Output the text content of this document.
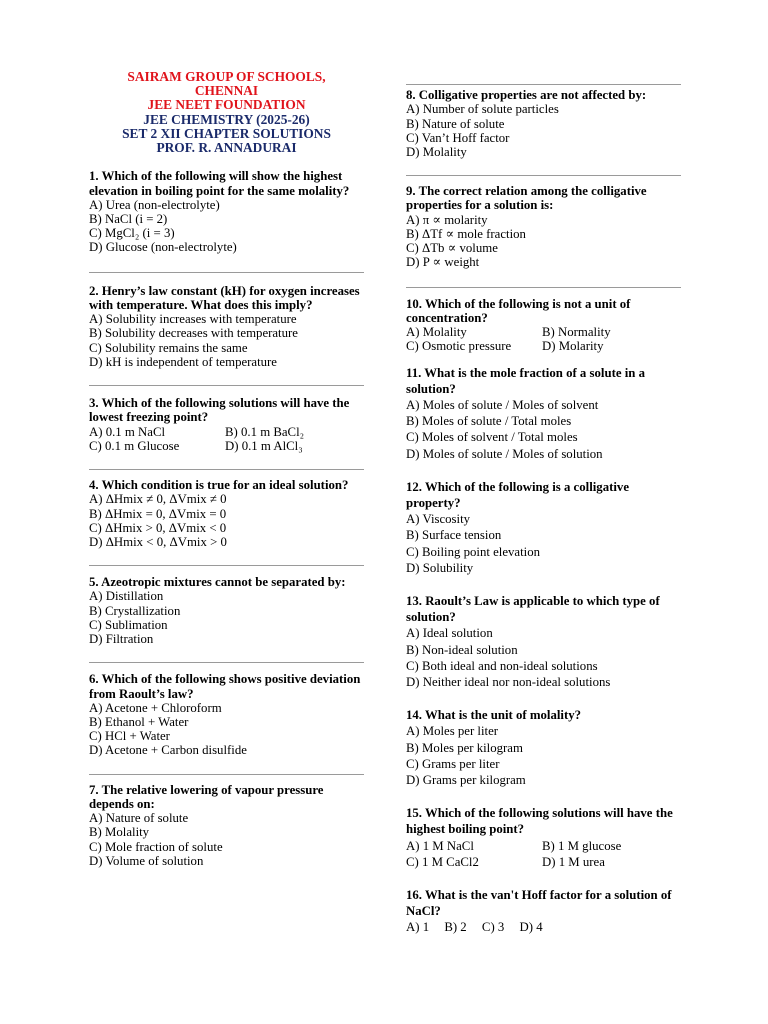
SAIRAM GROUP OF SCHOOLS,
CHENNAI
JEE NEET FOUNDATION
JEE CHEMISTRY (2025-26)
SET 2 XII CHAPTER SOLUTIONS
PROF. R. ANNADURAI
1. Which of the following will show the highest elevation in boiling point for the same molality?
A) Urea (non-electrolyte)
B) NaCl (i = 2)
C) MgCl₂ (i = 3)
D) Glucose (non-electrolyte)
2. Henry’s law constant (kH) for oxygen increases with temperature. What does this imply?
A) Solubility increases with temperature
B) Solubility decreases with temperature
C) Solubility remains the same
D) kH is independent of temperature
3. Which of the following solutions will have the lowest freezing point?
A) 0.1 m NaCl	B) 0.1 m BaCl₂
C) 0.1 m Glucose	D) 0.1 m AlCl₃
4. Which condition is true for an ideal solution?
A) ΔHmix ≠ 0, ΔVmix ≠ 0
B) ΔHmix = 0, ΔVmix = 0
C) ΔHmix > 0, ΔVmix < 0
D) ΔHmix < 0, ΔVmix > 0
5. Azeotropic mixtures cannot be separated by:
A) Distillation
B) Crystallization
C) Sublimation
D) Filtration
6. Which of the following shows positive deviation from Raoult’s law?
A) Acetone + Chloroform
B) Ethanol + Water
C) HCl + Water
D) Acetone + Carbon disulfide
7. The relative lowering of vapour pressure depends on:
A) Nature of solute
B) Molality
C) Mole fraction of solute
D) Volume of solution
8. Colligative properties are not affected by:
A) Number of solute particles
B) Nature of solute
C) Van’t Hoff factor
D) Molality
9. The correct relation among the colligative properties for a solution is:
A) π ∝ molarity
B) ΔTf ∝ mole fraction
C) ΔTb ∝ volume
D) P ∝ weight
10. Which of the following is not a unit of concentration?
A) Molality	B) Normality
C) Osmotic pressure	D) Molarity
11. What is the mole fraction of a solute in a solution?
A) Moles of solute / Moles of solvent
B) Moles of solute / Total moles
C) Moles of solvent / Total moles
D) Moles of solute / Moles of solution
12. Which of the following is a colligative property?
A) Viscosity
B) Surface tension
C) Boiling point elevation
D) Solubility
13. Raoult’s Law is applicable to which type of solution?
A) Ideal solution
B) Non-ideal solution
C) Both ideal and non-ideal solutions
D) Neither ideal nor non-ideal solutions
14. What is the unit of molality?
A) Moles per liter
B) Moles per kilogram
C) Grams per liter
D) Grams per kilogram
15. Which of the following solutions will have the highest boiling point?
A) 1 M NaCl	B) 1 M glucose
C) 1 M CaCl2	D) 1 M urea
16. What is the van't Hoff factor for a solution of NaCl?
A) 1 B) 2 C) 3 D) 4
